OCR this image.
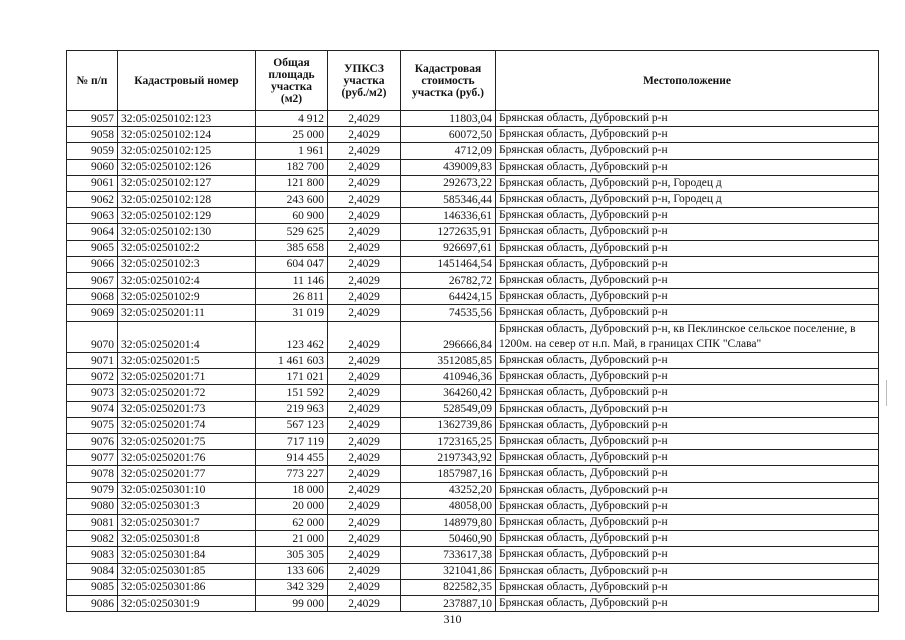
№ п/п	Кадастровый номер	Общая площадь участка (м2)	УПКСЗ участка (руб./м2)	Кадастровая стоимость участка (руб.)	Местоположение
9057	32:05:0250102:123	4 912	2,4029	11803,04	Брянская область, Дубровский р-н
9058	32:05:0250102:124	25 000	2,4029	60072,50	Брянская область, Дубровский р-н
9059	32:05:0250102:125	1 961	2,4029	4712,09	Брянская область, Дубровский р-н
9060	32:05:0250102:126	182 700	2,4029	439009,83	Брянская область, Дубровский р-н
9061	32:05:0250102:127	121 800	2,4029	292673,22	Брянская область, Дубровский р-н, Городец д
9062	32:05:0250102:128	243 600	2,4029	585346,44	Брянская область, Дубровский р-н, Городец д
9063	32:05:0250102:129	60 900	2,4029	146336,61	Брянская область, Дубровский р-н
9064	32:05:0250102:130	529 625	2,4029	1272635,91	Брянская область, Дубровский р-н
9065	32:05:0250102:2	385 658	2,4029	926697,61	Брянская область, Дубровский р-н
9066	32:05:0250102:3	604 047	2,4029	1451464,54	Брянская область, Дубровский р-н
9067	32:05:0250102:4	11 146	2,4029	26782,72	Брянская область, Дубровский р-н
9068	32:05:0250102:9	26 811	2,4029	64424,15	Брянская область, Дубровский р-н
9069	32:05:0250201:11	31 019	2,4029	74535,56	Брянская область, Дубровский р-н
9070	32:05:0250201:4	123 462	2,4029	296666,84	Брянская область, Дубровский р-н, кв Пеклинское сельское поселение, в 1200м. на север от н.п. Май, в границах СПК "Слава"
9071	32:05:0250201:5	1 461 603	2,4029	3512085,85	Брянская область, Дубровский р-н
9072	32:05:0250201:71	171 021	2,4029	410946,36	Брянская область, Дубровский р-н
9073	32:05:0250201:72	151 592	2,4029	364260,42	Брянская область, Дубровский р-н
9074	32:05:0250201:73	219 963	2,4029	528549,09	Брянская область, Дубровский р-н
9075	32:05:0250201:74	567 123	2,4029	1362739,86	Брянская область, Дубровский р-н
9076	32:05:0250201:75	717 119	2,4029	1723165,25	Брянская область, Дубровский р-н
9077	32:05:0250201:76	914 455	2,4029	2197343,92	Брянская область, Дубровский р-н
9078	32:05:0250201:77	773 227	2,4029	1857987,16	Брянская область, Дубровский р-н
9079	32:05:0250301:10	18 000	2,4029	43252,20	Брянская область, Дубровский р-н
9080	32:05:0250301:3	20 000	2,4029	48058,00	Брянская область, Дубровский р-н
9081	32:05:0250301:7	62 000	2,4029	148979,80	Брянская область, Дубровский р-н
9082	32:05:0250301:8	21 000	2,4029	50460,90	Брянская область, Дубровский р-н
9083	32:05:0250301:84	305 305	2,4029	733617,38	Брянская область, Дубровский р-н
9084	32:05:0250301:85	133 606	2,4029	321041,86	Брянская область, Дубровский р-н
9085	32:05:0250301:86	342 329	2,4029	822582,35	Брянская область, Дубровский р-н
9086	32:05:0250301:9	99 000	2,4029	237887,10	Брянская область, Дубровский р-н
310
